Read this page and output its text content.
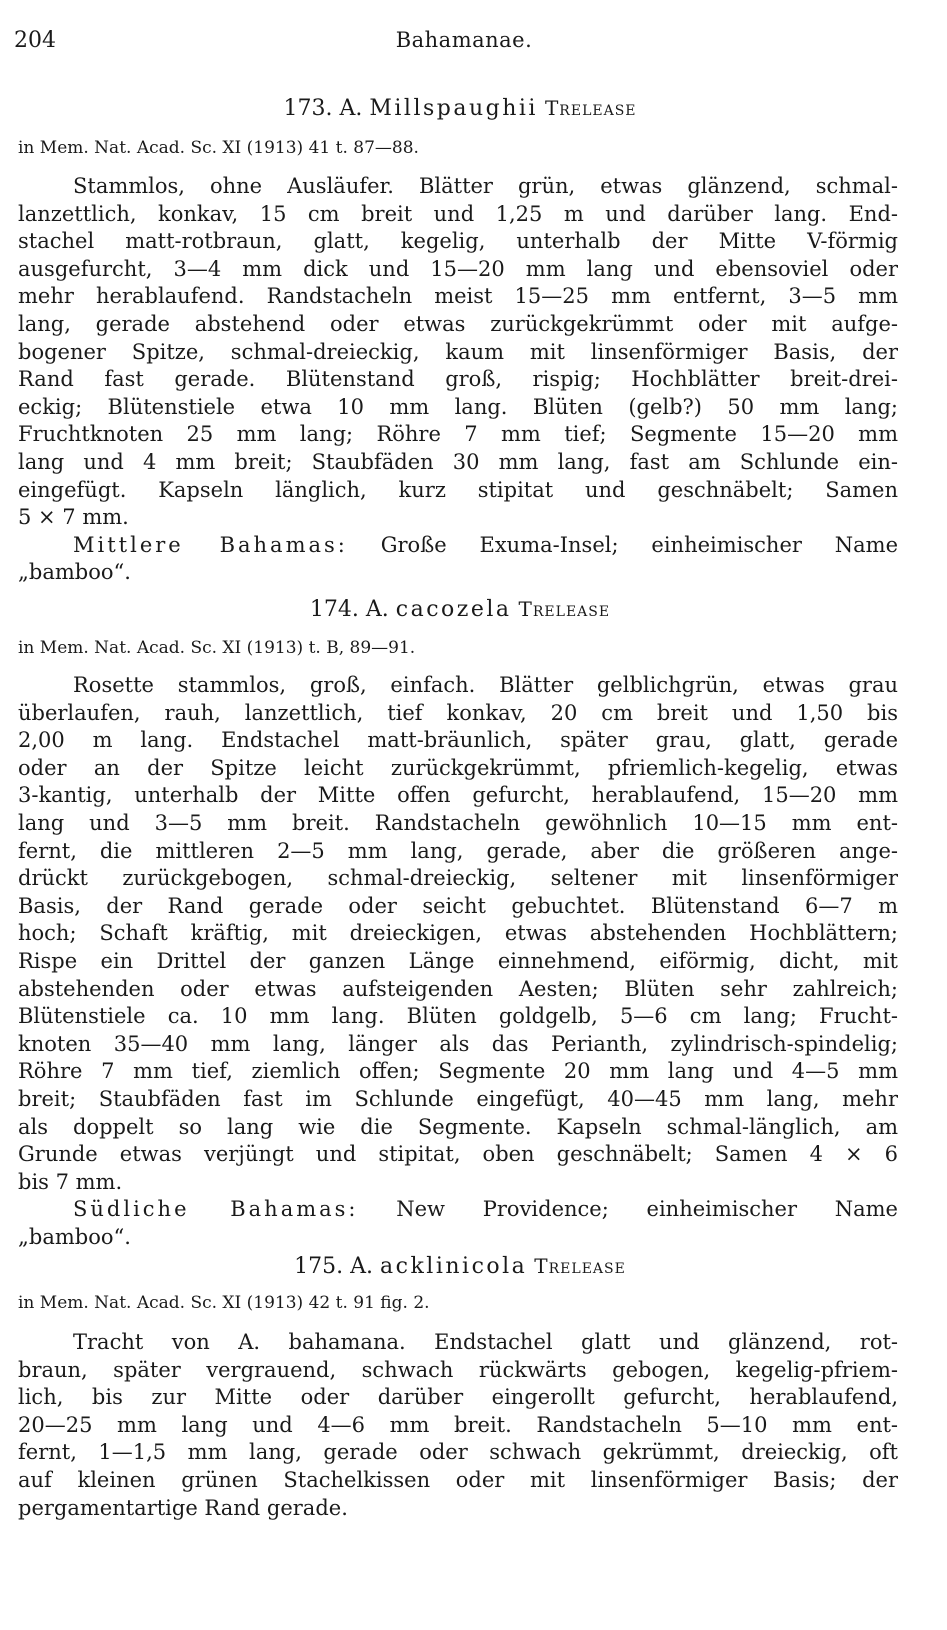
204	Bahamanae.
173. A. Millspaughii Trelease
in Mem. Nat. Acad. Sc. XI (1913) 41 t. 87—88.
Stammlos, ohne Ausläufer. Blätter grün, etwas glänzend, schmal-
lanzettlich, konkav, 15 cm breit und 1,25 m und darüber lang. End-
stachel matt-rotbraun, glatt, kegelig, unterhalb der Mitte V-förmig
ausgefurcht, 3—4 mm dick und 15—20 mm lang und ebensoviel oder
mehr herablaufend. Randstacheln meist 15—25 mm entfernt, 3—5 mm
lang, gerade abstehend oder etwas zurückgekrümmt oder mit aufge-
bogener Spitze, schmal-dreieckig, kaum mit linsenförmiger Basis, der
Rand fast gerade. Blütenstand groß, rispig; Hochblätter breit-drei-
eckig; Blütenstiele etwa 10 mm lang. Blüten (gelb?) 50 mm lang;
Fruchtknoten 25 mm lang; Röhre 7 mm tief; Segmente 15—20 mm
lang und 4 mm breit; Staubfäden 30 mm lang, fast am Schlunde ein-
eingefügt. Kapseln länglich, kurz stipitat und geschnäbelt; Samen
5 × 7 mm.
Mittlere Bahamas: Große Exuma-Insel; einheimischer Name
„bamboo“.
174. A. cacozela Trelease
in Mem. Nat. Acad. Sc. XI (1913) t. B, 89—91.
Rosette stammlos, groß, einfach. Blätter gelblichgrün, etwas grau
überlaufen, rauh, lanzettlich, tief konkav, 20 cm breit und 1,50 bis
2,00 m lang. Endstachel matt-bräunlich, später grau, glatt, gerade
oder an der Spitze leicht zurückgekrümmt, pfriemlich-kegelig, etwas
3-kantig, unterhalb der Mitte offen gefurcht, herablaufend, 15—20 mm
lang und 3—5 mm breit. Randstacheln gewöhnlich 10—15 mm ent-
fernt, die mittleren 2—5 mm lang, gerade, aber die größeren ange-
drückt zurückgebogen, schmal-dreieckig, seltener mit linsenförmiger
Basis, der Rand gerade oder seicht gebuchtet. Blütenstand 6—7 m
hoch; Schaft kräftig, mit dreieckigen, etwas abstehenden Hochblättern;
Rispe ein Drittel der ganzen Länge einnehmend, eiförmig, dicht, mit
abstehenden oder etwas aufsteigenden Aesten; Blüten sehr zahlreich;
Blütenstiele ca. 10 mm lang. Blüten goldgelb, 5—6 cm lang; Frucht-
knoten 35—40 mm lang, länger als das Perianth, zylindrisch-spindelig;
Röhre 7 mm tief, ziemlich offen; Segmente 20 mm lang und 4—5 mm
breit; Staubfäden fast im Schlunde eingefügt, 40—45 mm lang, mehr
als doppelt so lang wie die Segmente. Kapseln schmal-länglich, am
Grunde etwas verjüngt und stipitat, oben geschnäbelt; Samen 4 × 6
bis 7 mm.
Südliche Bahamas: New Providence; einheimischer Name
„bamboo“.
175. A. acklinicola Trelease
in Mem. Nat. Acad. Sc. XI (1913) 42 t. 91 fig. 2.
Tracht von A. bahamana. Endstachel glatt und glänzend, rot-
braun, später vergrauend, schwach rückwärts gebogen, kegelig-pfriem-
lich, bis zur Mitte oder darüber eingerollt gefurcht, herablaufend,
20—25 mm lang und 4—6 mm breit. Randstacheln 5—10 mm ent-
fernt, 1—1,5 mm lang, gerade oder schwach gekrümmt, dreieckig, oft
auf kleinen grünen Stachelkissen oder mit linsenförmiger Basis; der
pergamentartige Rand gerade.
